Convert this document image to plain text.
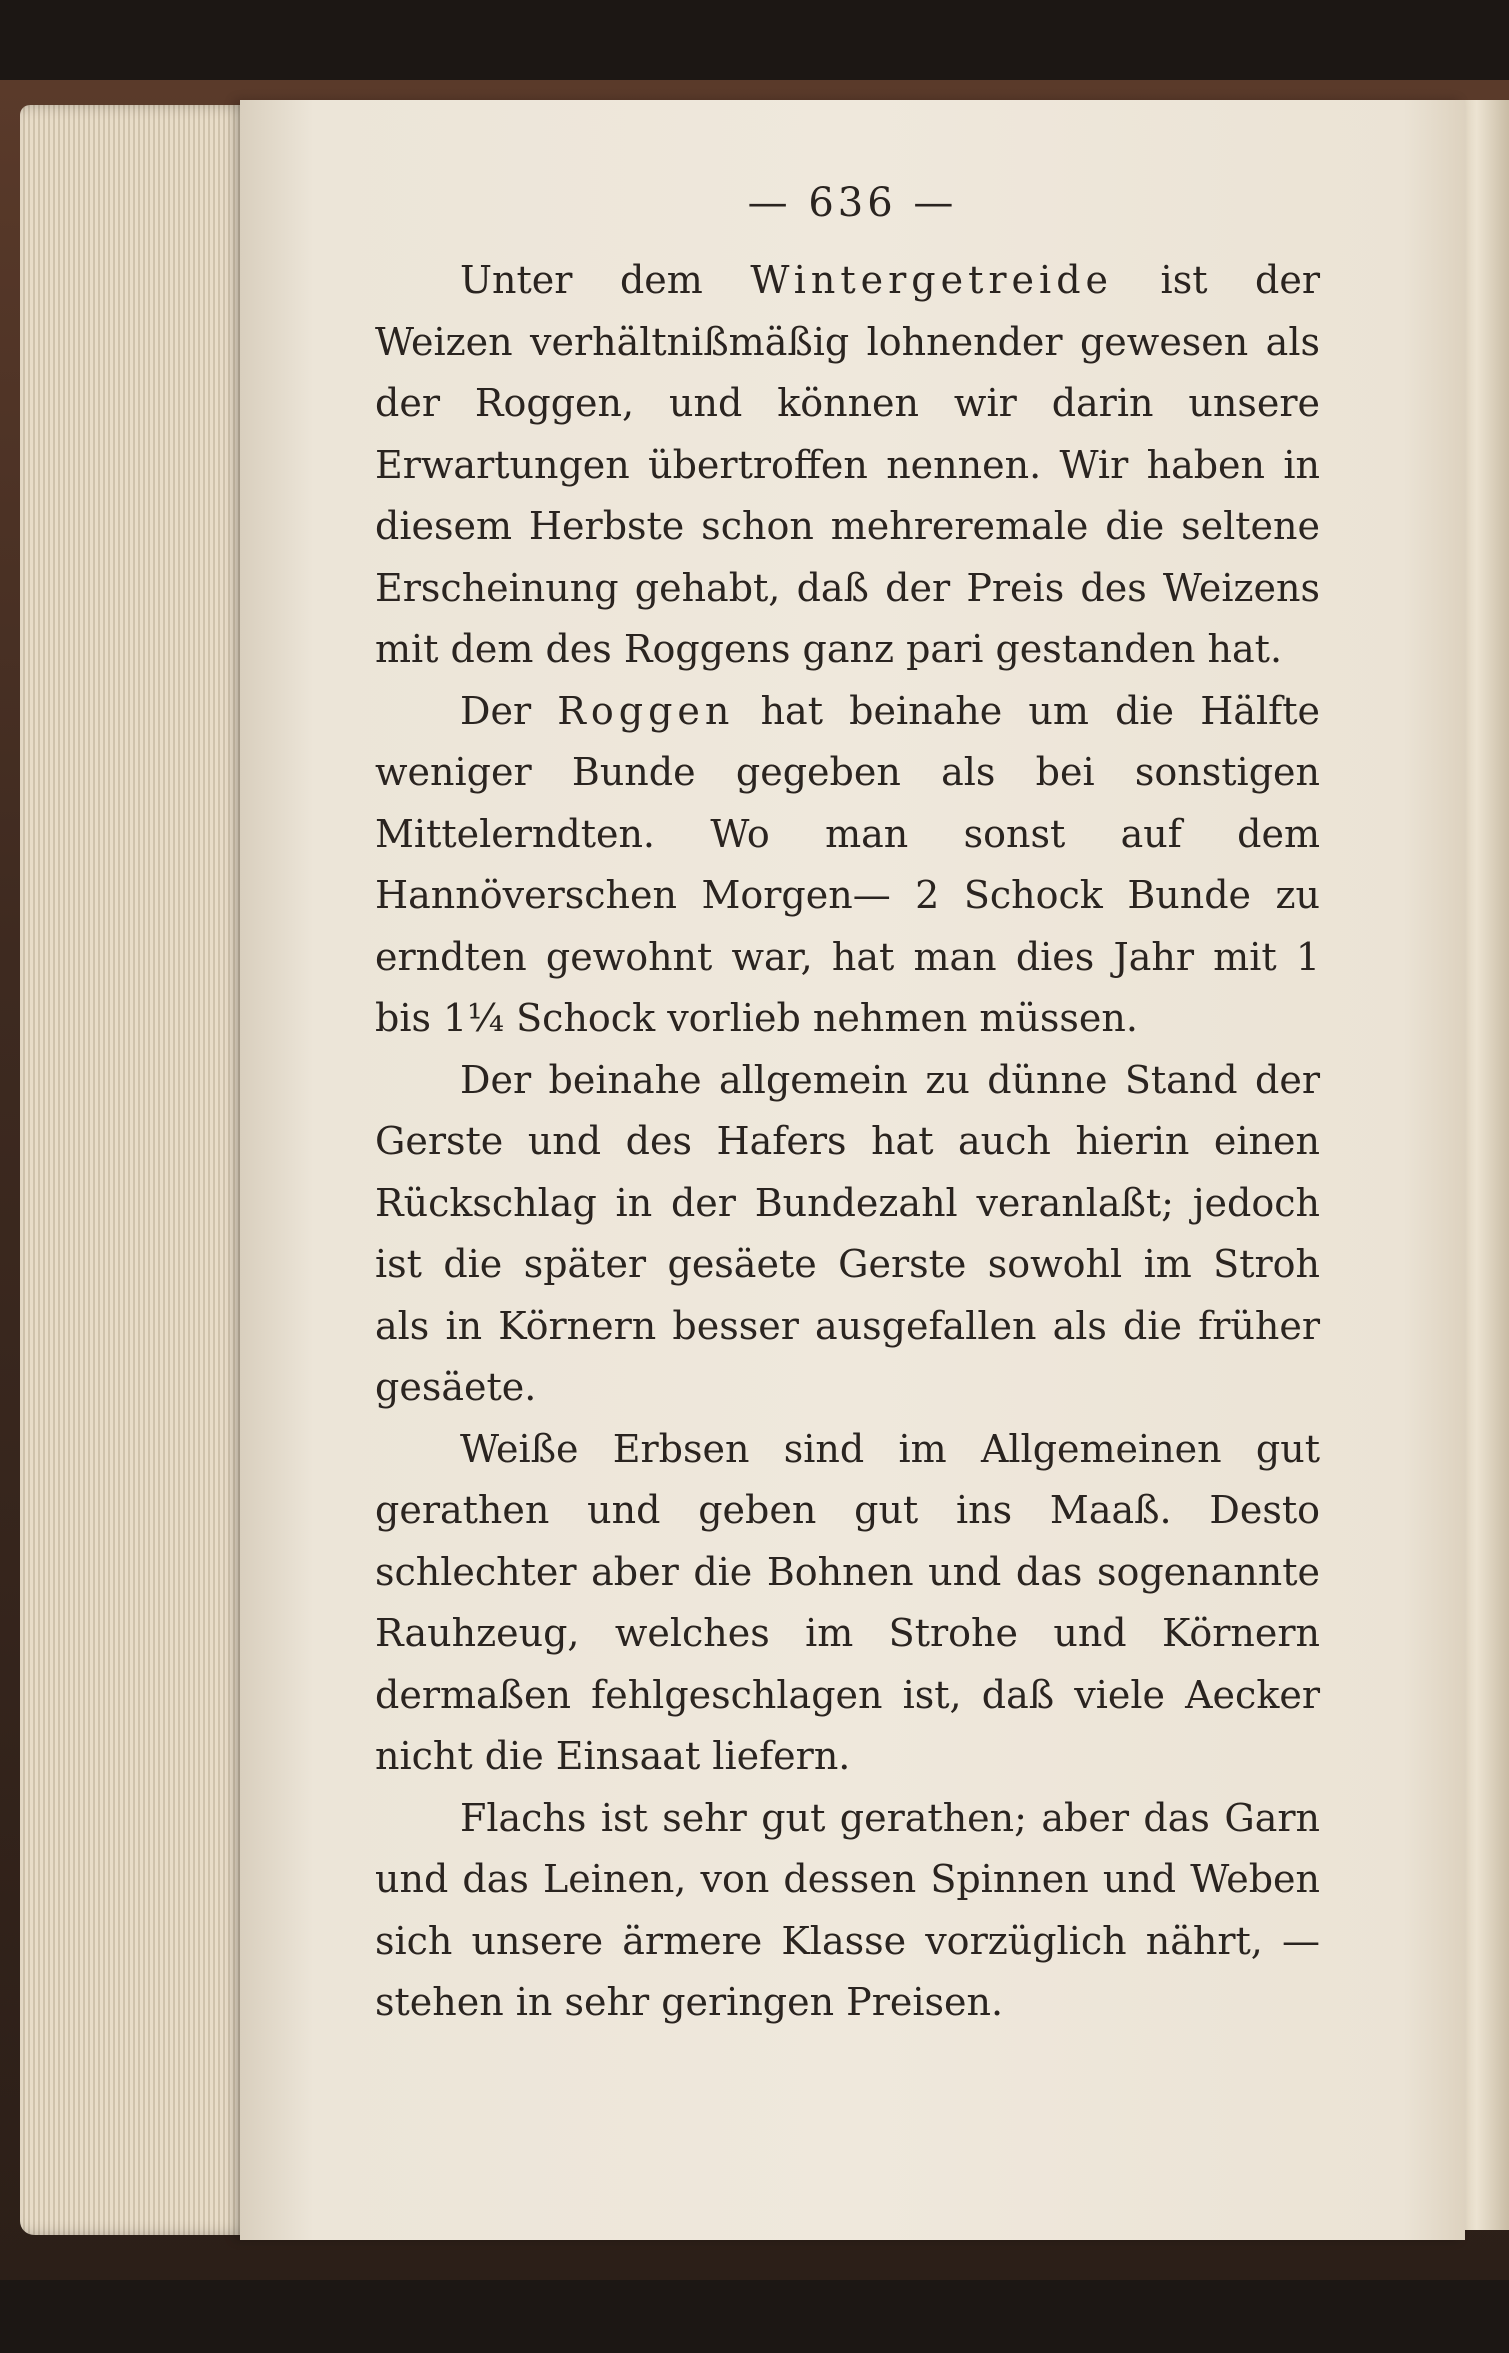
— 636 —

Unter dem Wintergetreide ist der Weizen verhältnißmäßig lohnender gewesen als der Roggen, und können wir darin unsere Erwartungen übertroffen nennen. Wir haben in diesem Herbste schon mehreremale die seltene Erscheinung gehabt, daß der Preis des Weizens mit dem des Roggens ganz pari gestanden hat.

Der Roggen hat beinahe um die Hälfte weniger Bunde gegeben als bei sonstigen Mittelerndten. Wo man sonst auf dem Hannöverschen Morgen— 2 Schock Bunde zu erndten gewohnt war, hat man dies Jahr mit 1 bis 1¼ Schock vorlieb nehmen müssen.

Der beinahe allgemein zu dünne Stand der Gerste und des Hafers hat auch hierin einen Rückschlag in der Bundezahl veranlaßt; jedoch ist die später gesäete Gerste sowohl im Stroh als in Körnern besser ausgefallen als die früher gesäete.

Weiße Erbsen sind im Allgemeinen gut gerathen und geben gut ins Maaß. Desto schlechter aber die Bohnen und das sogenannte Rauhzeug, welches im Strohe und Körnern dermaßen fehlgeschlagen ist, daß viele Aecker nicht die Einsaat liefern.

Flachs ist sehr gut gerathen; aber das Garn und das Leinen, von dessen Spinnen und Weben sich unsere ärmere Klasse vorzüglich nährt, — stehen in sehr geringen Preisen.
